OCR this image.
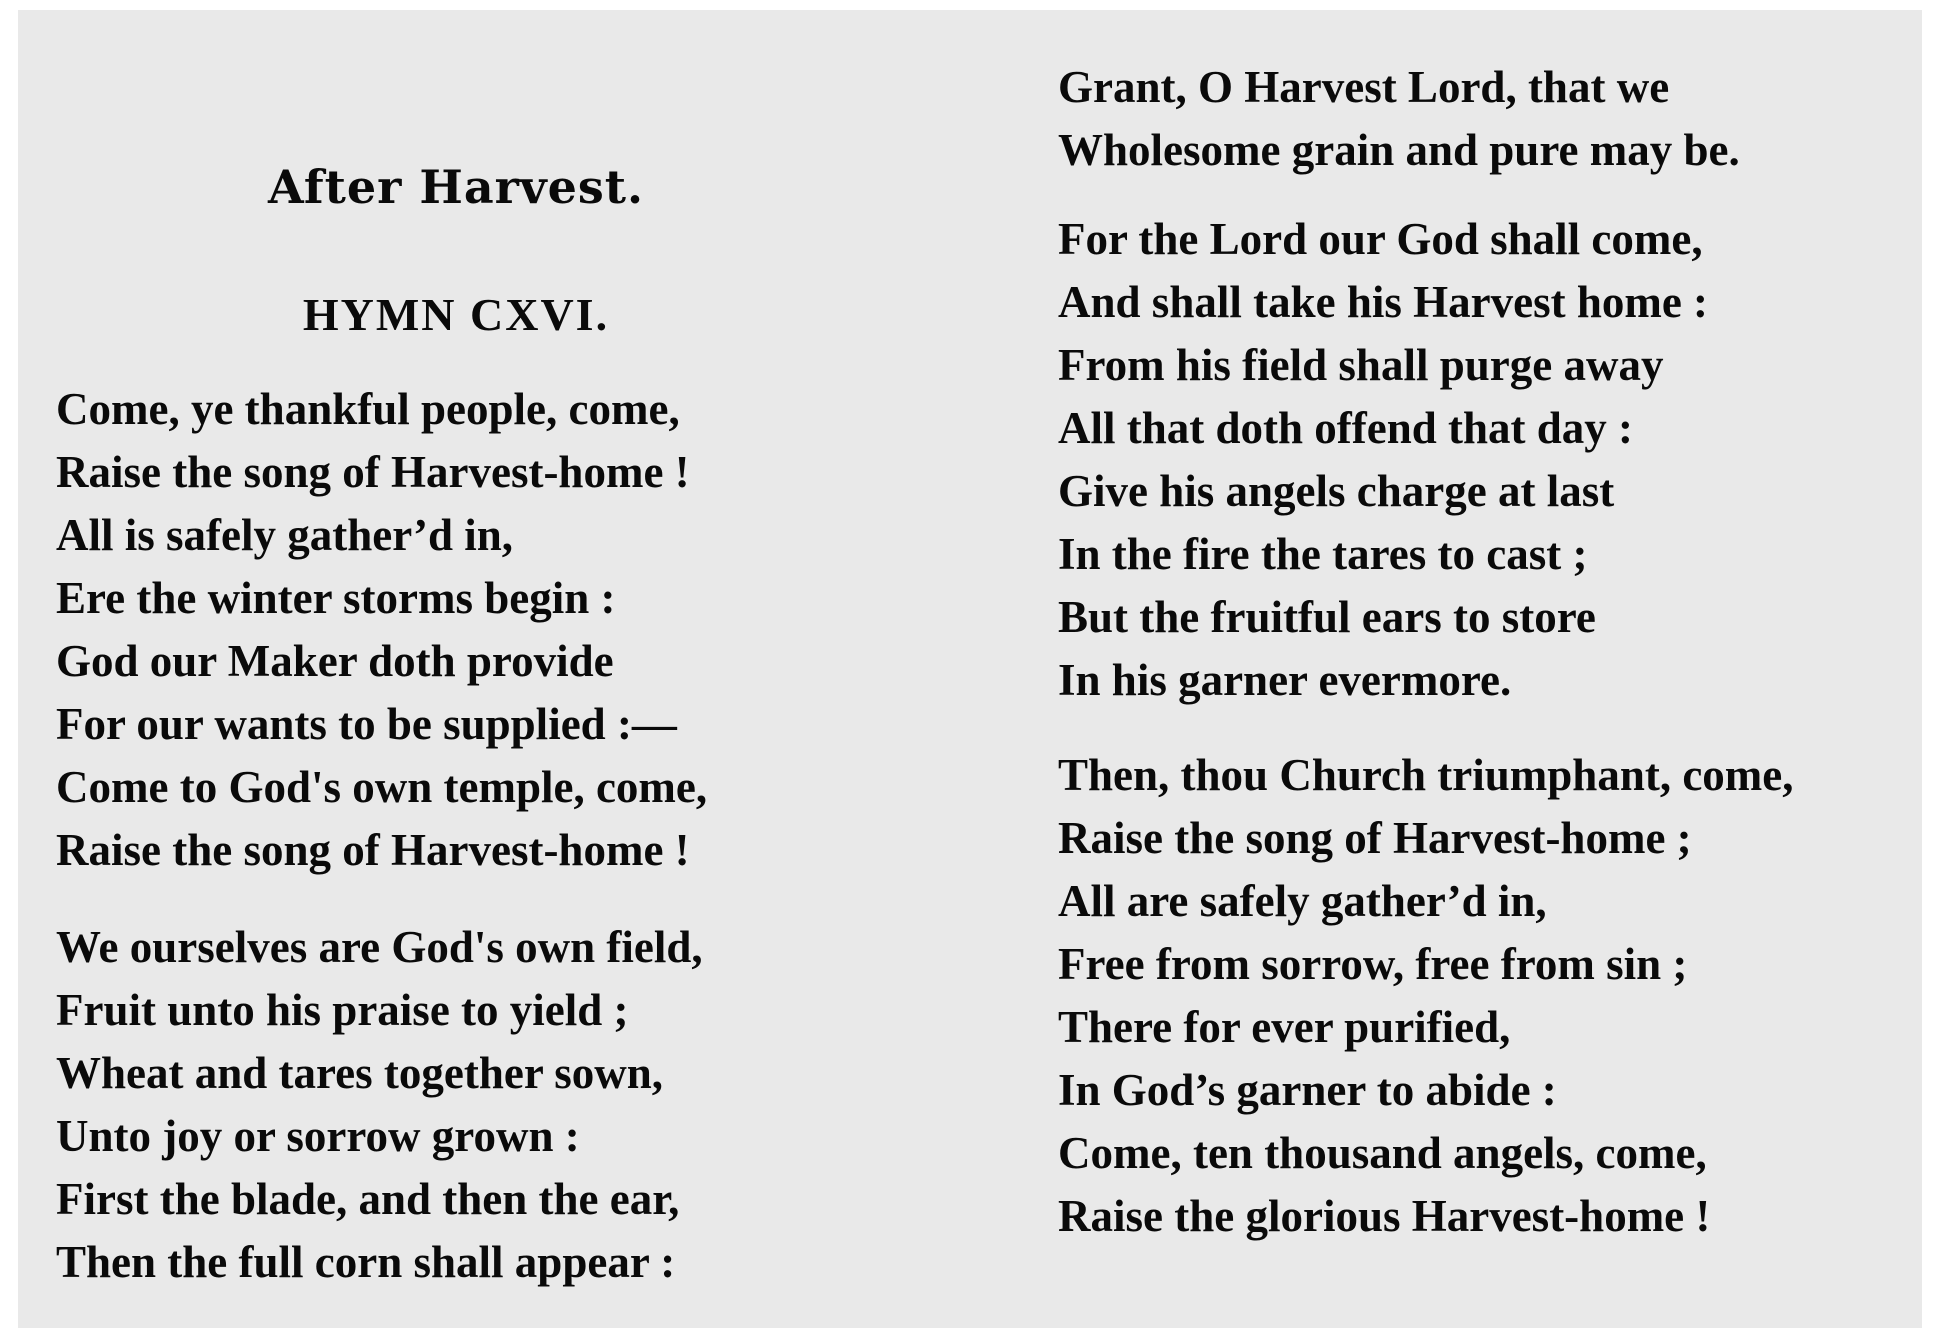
After Harvest.
HYMN CXVI.
Come, ye thankful people, come,
Raise the song of Harvest-home !
All is safely gather’d in,
Ere the winter storms begin :
God our Maker doth provide
For our wants to be supplied :—
Come to God's own temple, come,
Raise the song of Harvest-home !
We ourselves are God's own field,
Fruit unto his praise to yield ;
Wheat and tares together sown,
Unto joy or sorrow grown :
First the blade, and then the ear,
Then the full corn shall appear :
Grant, O Harvest Lord, that we
Wholesome grain and pure may be.
For the Lord our God shall come,
And shall take his Harvest home :
From his field shall purge away
All that doth offend that day :
Give his angels charge at last
In the fire the tares to cast ;
But the fruitful ears to store
In his garner evermore.
Then, thou Church triumphant, come,
Raise the song of Harvest-home ;
All are safely gather’d in,
Free from sorrow, free from sin ;
There for ever purified,
In God’s garner to abide :
Come, ten thousand angels, come,
Raise the glorious Harvest-home !
